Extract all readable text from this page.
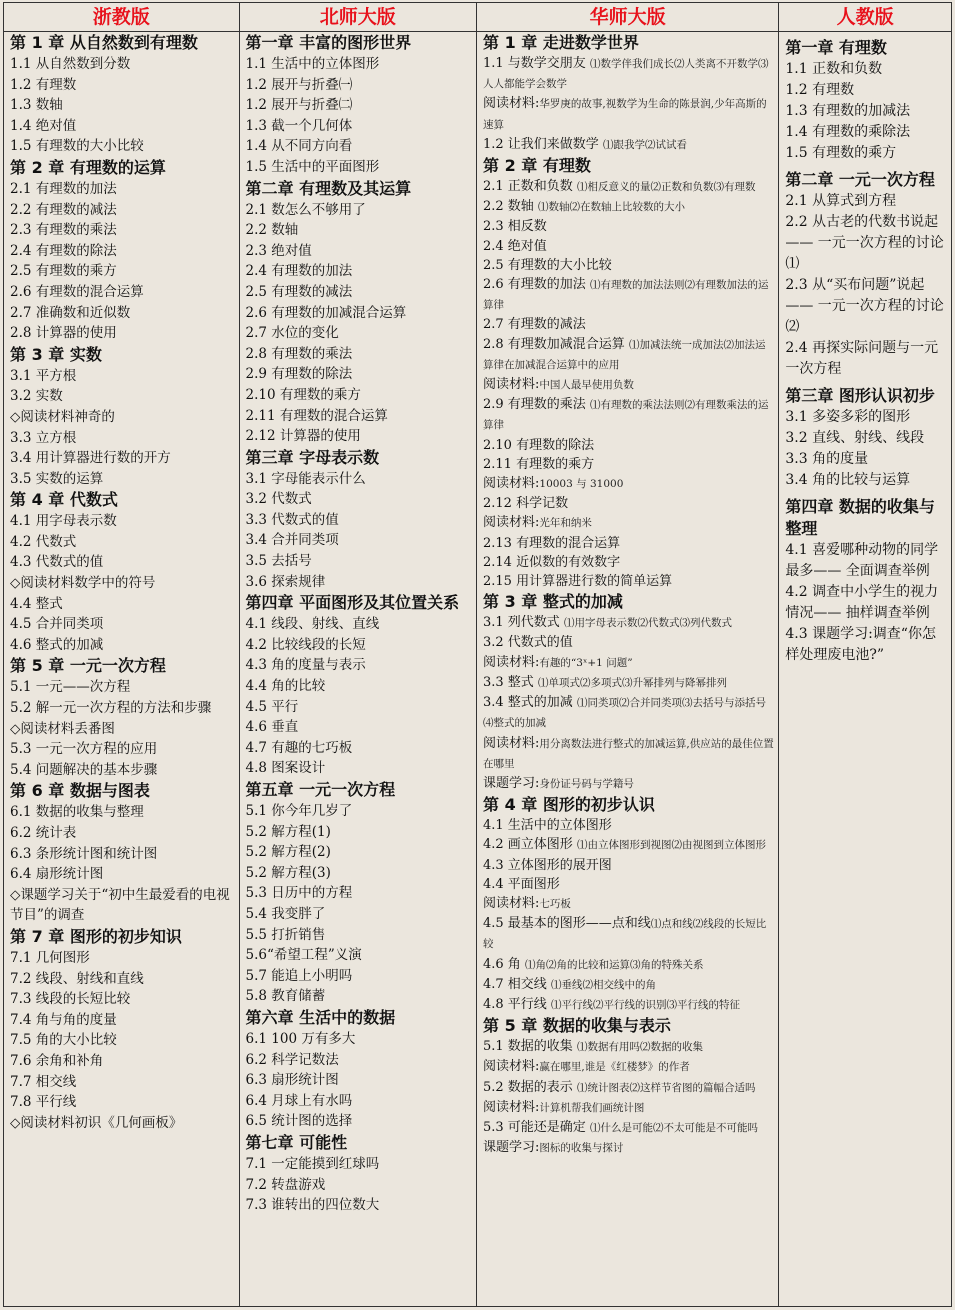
浙教版
第 1 章 从自然数到有理数
1.1 从自然数到分数
1.2 有理数
1.3 数轴
1.4 绝对值
1.5 有理数的大小比较
第 2 章 有理数的运算
2.1 有理数的加法
2.2 有理数的减法
2.3 有理数的乘法
2.4 有理数的除法
2.5 有理数的乘方
2.6 有理数的混合运算
2.7 准确数和近似数
2.8 计算器的使用
第 3 章 实数
3.1 平方根
3.2 实数
◇阅读材料神奇的
3.3 立方根
3.4 用计算器进行数的开方
3.5 实数的运算
第 4 章 代数式
4.1 用字母表示数
4.2 代数式
4.3 代数式的值
◇阅读材料数学中的符号
4.4 整式
4.5 合并同类项
4.6 整式的加减
第 5 章 一元一次方程
5.1 一元——次方程
5.2 解一元一次方程的方法和步骤
◇阅读材料丢番图
5.3 一元一次方程的应用
5.4 问题解决的基本步骤
第 6 章 数据与图表
6.1 数据的收集与整理
6.2 统计表
6.3 条形统计图和统计图
6.4 扇形统计图
◇课题学习关于“初中生最爱看的电视节目”的调查
第 7 章 图形的初步知识
7.1 几何图形
7.2 线段、射线和直线
7.3 线段的长短比较
7.4 角与角的度量
7.5 角的大小比较
7.6 余角和补角
7.7 相交线
7.8 平行线
◇阅读材料初识《几何画板》
北师大版
第一章 丰富的图形世界
1.1 生活中的立体图形
1.2 展开与折叠㈠
1.2 展开与折叠㈡
1.3 截一个几何体
1.4 从不同方向看
1.5 生活中的平面图形
第二章 有理数及其运算
2.1 数怎么不够用了
2.2 数轴
2.3 绝对值
2.4 有理数的加法
2.5 有理数的减法
2.6 有理数的加减混合运算
2.7 水位的变化
2.8 有理数的乘法
2.9 有理数的除法
2.10 有理数的乘方
2.11 有理数的混合运算
2.12 计算器的使用
第三章 字母表示数
3.1 字母能表示什么
3.2 代数式
3.3 代数式的值
3.4 合并同类项
3.5 去括号
3.6 探索规律
第四章 平面图形及其位置关系
4.1 线段、射线、直线
4.2 比较线段的长短
4.3 角的度量与表示
4.4 角的比较
4.5 平行
4.6 垂直
4.7 有趣的七巧板
4.8 图案设计
第五章 一元一次方程
5.1 你今年几岁了
5.2 解方程(1)
5.2 解方程(2)
5.2 解方程(3)
5.3 日历中的方程
5.4 我变胖了
5.5 打折销售
5.6“希望工程”义演
5.7 能追上小明吗
5.8 教育储蓄
第六章 生活中的数据
6.1 100 万有多大
6.2 科学记数法
6.3 扇形统计图
6.4 月球上有水吗
6.5 统计图的选择
第七章 可能性
7.1 一定能摸到红球吗
7.2 转盘游戏
7.3 谁转出的四位数大
华师大版
第 1 章 走进数学世界
1.1 与数学交朋友 ⑴数学伴我们成长⑵人类离不开数学⑶人人都能学会数学
阅读材料:华罗庚的故事,视数学为生命的陈景润,少年高斯的速算
1.2 让我们来做数学 ⑴跟我学⑵试试看
第 2 章 有理数
2.1 正数和负数 ⑴相反意义的量⑵正数和负数⑶有理数
2.2 数轴 ⑴数轴⑵在数轴上比较数的大小
2.3 相反数
2.4 绝对值
2.5 有理数的大小比较
2.6 有理数的加法 ⑴有理数的加法法则⑵有理数加法的运算律
2.7 有理数的减法
2.8 有理数加减混合运算 ⑴加减法统一成加法⑵加法运算律在加减混合运算中的应用
阅读材料:中国人最早使用负数
2.9 有理数的乘法 ⑴有理数的乘法法则⑵有理数乘法的运算律
2.10 有理数的除法
2.11 有理数的乘方
阅读材料:10003 与 31000
2.12 科学记数
阅读材料:光年和纳米
2.13 有理数的混合运算
2.14 近似数的有效数字
2.15 用计算器进行数的简单运算
第 3 章 整式的加减
3.1 列代数式 ⑴用字母表示数⑵代数式⑶列代数式
3.2 代数式的值
阅读材料:有趣的“3ˣ+1 问题”
3.3 整式 ⑴单项式⑵多项式⑶升幂排列与降幂排列
3.4 整式的加减 ⑴同类项⑵合并同类项⑶去括号与添括号⑷整式的加减
阅读材料:用分离数法进行整式的加减运算,供应站的最佳位置在哪里
课题学习:身份证号码与学籍号
第 4 章 图形的初步认识
4.1 生活中的立体图形
4.2 画立体图形 ⑴由立体图形到视图⑵由视图到立体图形
4.3 立体图形的展开图
4.4 平面图形
阅读材料:七巧板
4.5 最基本的图形——点和线⑴点和线⑵线段的长短比较
4.6 角 ⑴角⑵角的比较和运算⑶角的特殊关系
4.7 相交线 ⑴垂线⑵相交线中的角
4.8 平行线 ⑴平行线⑵平行线的识别⑶平行线的特征
第 5 章 数据的收集与表示
5.1 数据的收集 ⑴数据有用吗⑵数据的收集
阅读材料:赢在哪里,谁是《红楼梦》的作者
5.2 数据的表示 ⑴统计图表⑵这样节省图的篇幅合适吗
阅读材料:计算机帮我们画统计图
5.3 可能还是确定 ⑴什么是可能⑵不太可能是不可能吗
课题学习:图标的收集与探讨
人教版
第一章 有理数
1.1 正数和负数
1.2 有理数
1.3 有理数的加减法
1.4 有理数的乘除法
1.5 有理数的乘方
第二章 一元一次方程
2.1 从算式到方程
2.2 从古老的代数书说起—— 一元一次方程的讨论⑴
2.3 从“买布问题”说起—— 一元一次方程的讨论⑵
2.4 再探实际问题与一元一次方程
第三章 图形认识初步
3.1 多姿多彩的图形
3.2 直线、射线、线段
3.3 角的度量
3.4 角的比较与运算
第四章 数据的收集与整理
4.1 喜爱哪种动物的同学最多—— 全面调查举例
4.2 调查中小学生的视力情况—— 抽样调查举例
4.3 课题学习:调查“你怎样处理废电池?”
